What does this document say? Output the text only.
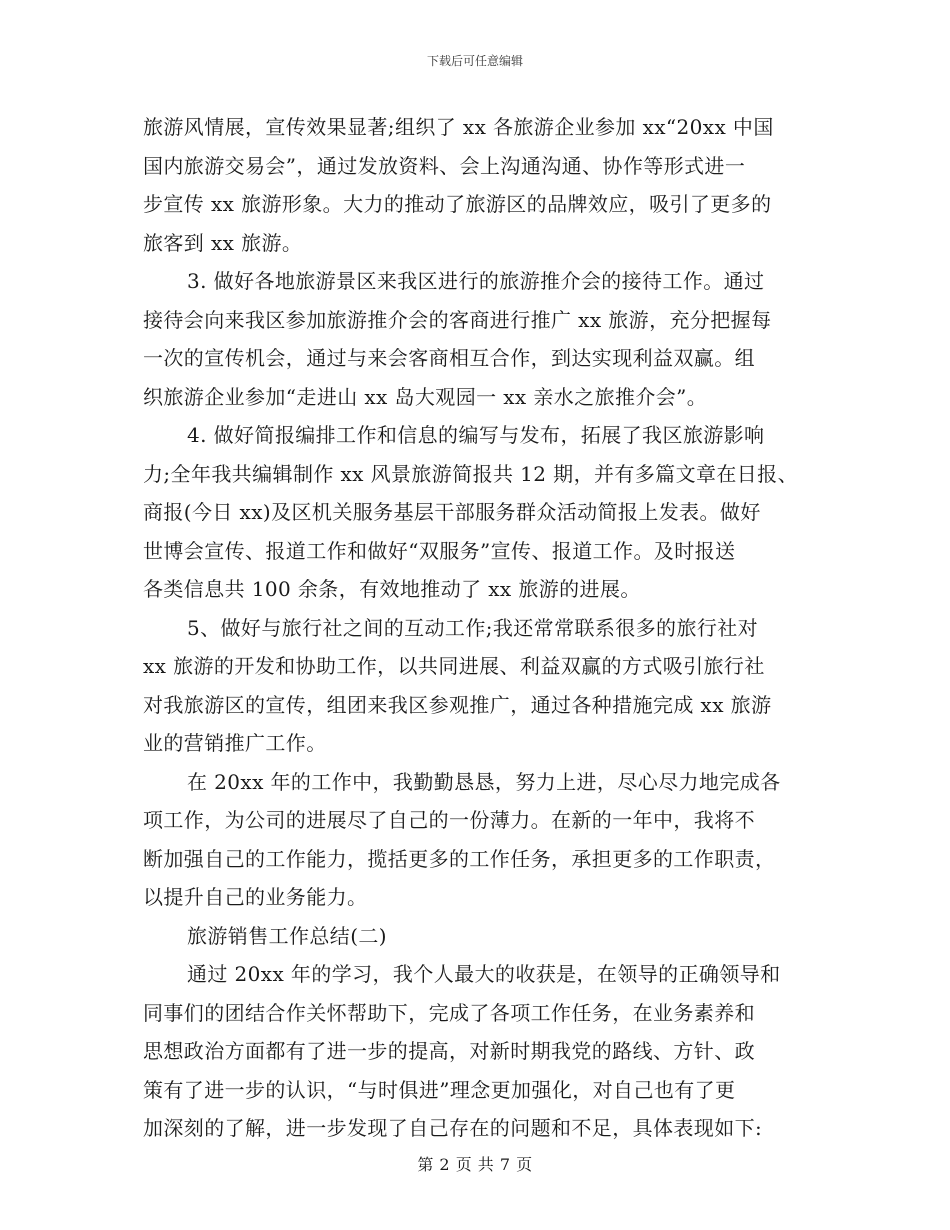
下载后可任意编辑
旅游风情展，宣传效果显著;组织了 xx 各旅游企业参加 xx“20xx 中国
国内旅游交易会”，通过发放资料、会上沟通沟通、协作等形式进一
步宣传 xx 旅游形象。大力的推动了旅游区的品牌效应，吸引了更多的
旅客到 xx 旅游。
3. 做好各地旅游景区来我区进行的旅游推介会的接待工作。通过
接待会向来我区参加旅游推介会的客商进行推广 xx 旅游，充分把握每
一次的宣传机会，通过与来会客商相互合作，到达实现利益双赢。组
织旅游企业参加“走进山 xx 岛大观园一 xx 亲水之旅推介会”。
4. 做好简报编排工作和信息的编写与发布，拓展了我区旅游影响
力;全年我共编辑制作 xx 风景旅游简报共 12 期，并有多篇文章在日报、
商报(今日 xx)及区机关服务基层干部服务群众活动简报上发表。做好
世博会宣传、报道工作和做好“双服务”宣传、报道工作。及时报送
各类信息共 100 余条，有效地推动了 xx 旅游的进展。
5、做好与旅行社之间的互动工作;我还常常联系很多的旅行社对
xx 旅游的开发和协助工作，以共同进展、利益双赢的方式吸引旅行社
对我旅游区的宣传，组团来我区参观推广，通过各种措施完成 xx 旅游
业的营销推广工作。
在 20xx 年的工作中，我勤勤恳恳，努力上进，尽心尽力地完成各
项工作，为公司的进展尽了自己的一份薄力。在新的一年中，我将不
断加强自己的工作能力，揽括更多的工作任务，承担更多的工作职责，
以提升自己的业务能力。
旅游销售工作总结(二)
通过 20xx 年的学习，我个人最大的收获是，在领导的正确领导和
同事们的团结合作关怀帮助下，完成了各项工作任务，在业务素养和
思想政治方面都有了进一步的提高，对新时期我党的路线、方针、政
策有了进一步的认识，“与时俱进”理念更加强化，对自己也有了更
加深刻的了解，进一步发现了自己存在的问题和不足，具体表现如下:
第 2 页 共 7 页
